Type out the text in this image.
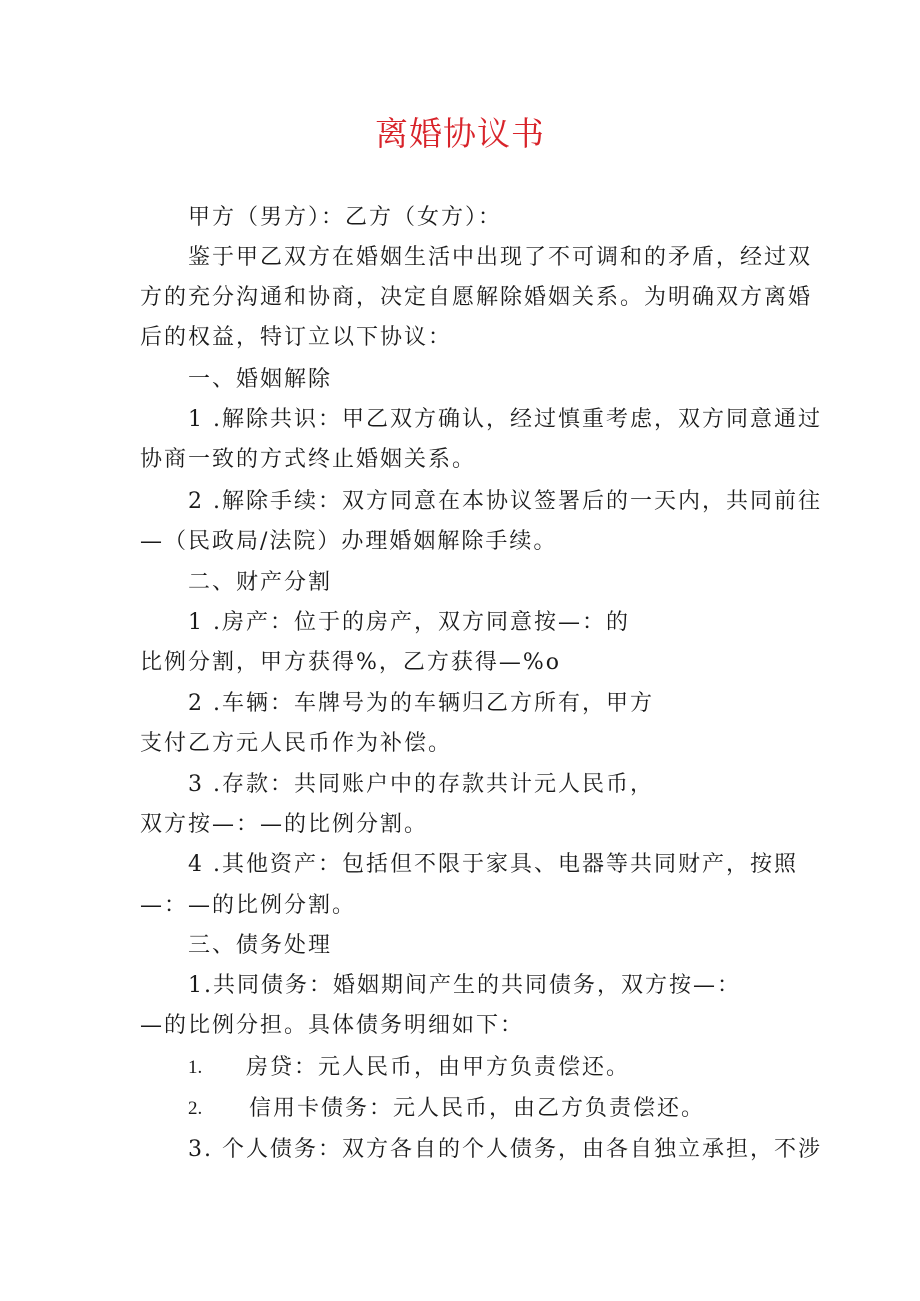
离婚协议书
甲方（男方）：乙方（女方）：
鉴于甲乙双方在婚姻生活中出现了不可调和的矛盾，经过双
方的充分沟通和协商，决定自愿解除婚姻关系。为明确双方离婚
后的权益，特订立以下协议：
一、婚姻解除
1 .解除共识：甲乙双方确认，经过慎重考虑，双方同意通过
协商一致的方式终止婚姻关系。
2 .解除手续：双方同意在本协议签署后的一天内，共同前往
—（民政局/法院）办理婚姻解除手续。
二、财产分割
1 .房产：位于的房产，双方同意按—：的
比例分割，甲方获得%，乙方获得—%o
2 .车辆：车牌号为的车辆归乙方所有，甲方
支付乙方元人民币作为补偿。
3 .存款：共同账户中的存款共计元人民币，
双方按—：—的比例分割。
4 .其他资产：包括但不限于家具、电器等共同财产，按照
—：—的比例分割。
三、债务处理
1.共同债务：婚姻期间产生的共同债务，双方按—：
—的比例分担。具体债务明细如下：
1. 房贷：元人民币，由甲方负责偿还。
2. 信用卡债务：元人民币，由乙方负责偿还。
3. 个人债务：双方各自的个人债务，由各自独立承担，不涉
